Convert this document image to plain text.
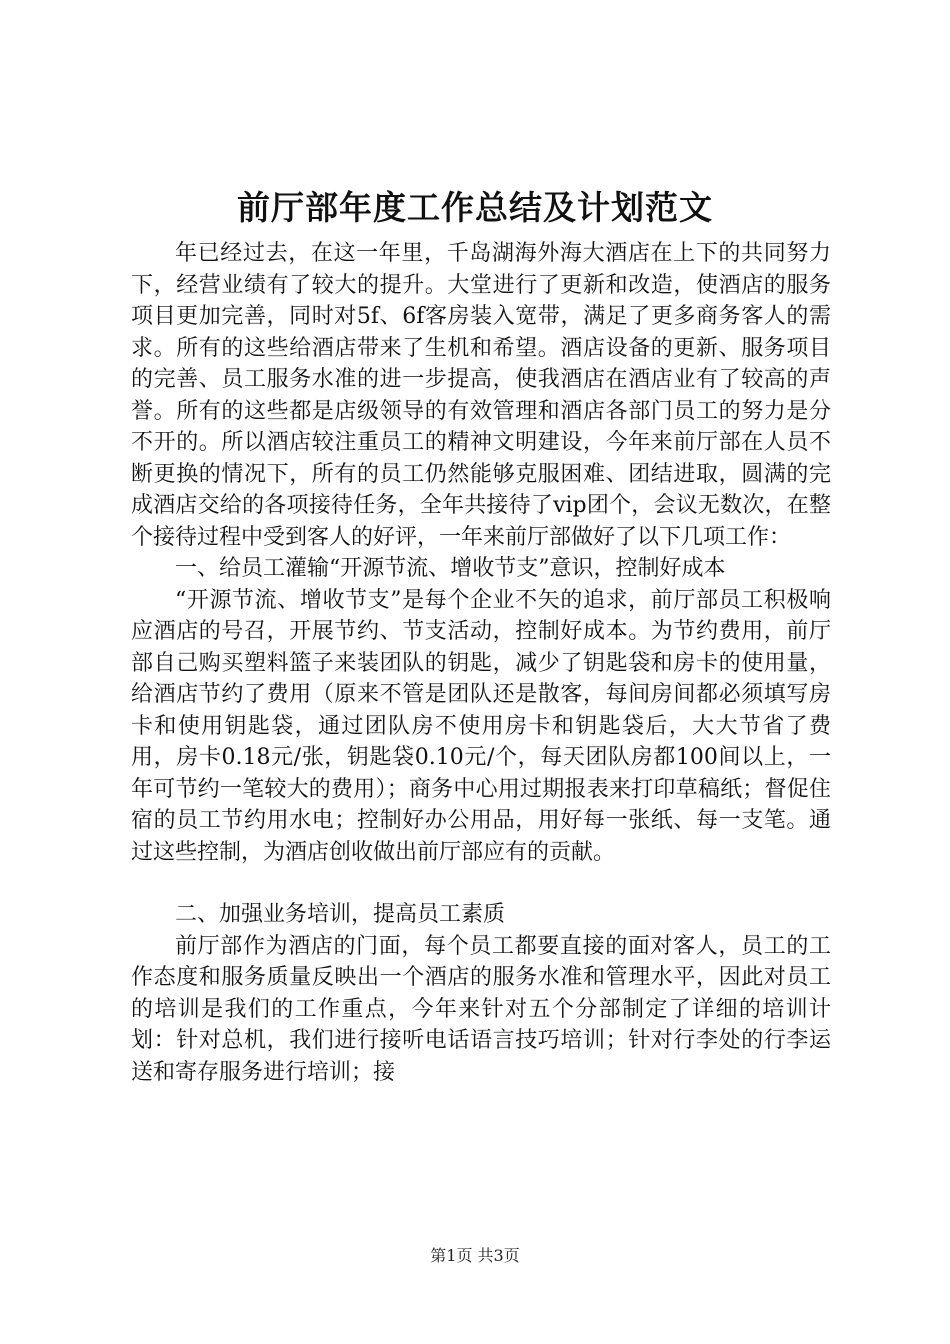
前厅部年度工作总结及计划范文

年已经过去，在这一年里，千岛湖海外海大酒店在上下的共同努力下，经营业绩有了较大的提升。大堂进行了更新和改造，使酒店的服务项目更加完善，同时对5f、6f客房装入宽带，满足了更多商务客人的需求。所有的这些给酒店带来了生机和希望。酒店设备的更新、服务项目的完善、员工服务水准的进一步提高，使我酒店在酒店业有了较高的声誉。所有的这些都是店级领导的有效管理和酒店各部门员工的努力是分不开的。所以酒店较注重员工的精神文明建设，今年来前厅部在人员不断更换的情况下，所有的员工仍然能够克服困难、团结进取，圆满的完成酒店交给的各项接待任务，全年共接待了vip团个，会议无数次，在整个接待过程中受到客人的好评，一年来前厅部做好了以下几项工作：

一、给员工灌输“开源节流、增收节支”意识，控制好成本

“开源节流、增收节支”是每个企业不矢的追求，前厅部员工积极响应酒店的号召，开展节约、节支活动，控制好成本。为节约费用，前厅部自己购买塑料篮子来装团队的钥匙，减少了钥匙袋和房卡的使用量，给酒店节约了费用（原来不管是团队还是散客，每间房间都必须填写房卡和使用钥匙袋，通过团队房不使用房卡和钥匙袋后，大大节省了费用，房卡0.18元/张，钥匙袋0.10元/个，每天团队房都100间以上，一年可节约一笔较大的费用）；商务中心用过期报表来打印草稿纸；督促住宿的员工节约用水电；控制好办公用品，用好每一张纸、每一支笔。通过这些控制，为酒店创收做出前厅部应有的贡献。

二、加强业务培训，提高员工素质

前厅部作为酒店的门面，每个员工都要直接的面对客人，员工的工作态度和服务质量反映出一个酒店的服务水准和管理水平，因此对员工的培训是我们的工作重点，今年来针对五个分部制定了详细的培训计划：针对总机，我们进行接听电话语言技巧培训；针对行李处的行李运送和寄存服务进行培训；接

第1页 共3页
